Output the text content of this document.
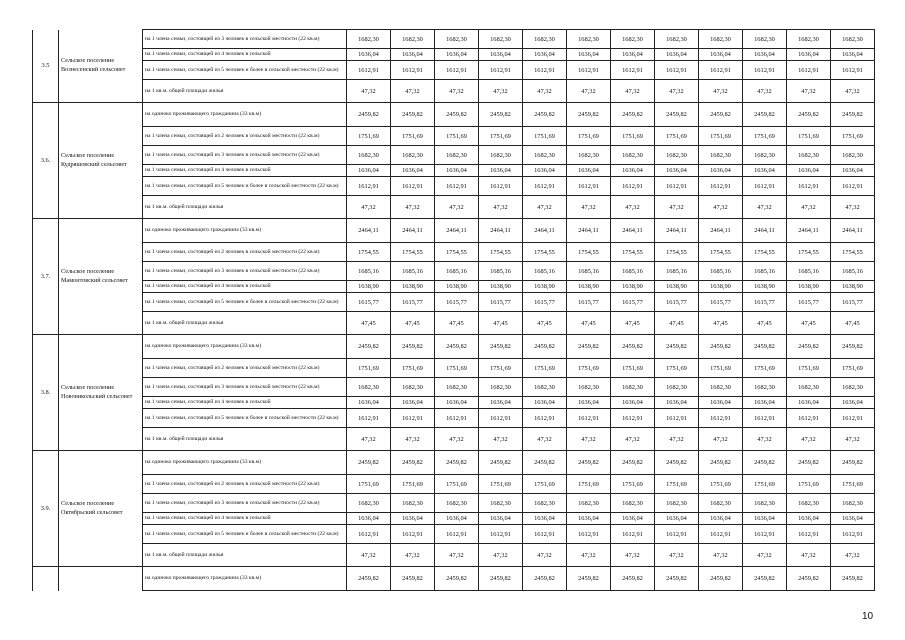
3.5	Сельское поселение Вознесенский сельсовет	на 1 члена семьи, состоящей из 3 человек в сельской местности (22 кв.м)	1682,30	1682,30	1682,30	1682,30	1682,30	1682,30	1682,30	1682,30	1682,30	1682,30	1682,30	1682,30
		на 1 члена семьи, состоящей из 4 человек в сельской	1636,04	1636,04	1636,04	1636,04	1636,04	1636,04	1636,04	1636,04	1636,04	1636,04	1636,04	1636,04
		на 1 члена семьи, состоящей из 5 человек и более в сельской местности (22 кв.м)	1612,91	1612,91	1612,91	1612,91	1612,91	1612,91	1612,91	1612,91	1612,91	1612,91	1612,91	1612,91
		на 1 кв.м. общей площади жилья	47,32	47,32	47,32	47,32	47,32	47,32	47,32	47,32	47,32	47,32	47,32	47,32
3.6.	Сельское поселение Кудряшовский сельсовет	на одиноко проживающего гражданина (33 кв.м)	2459,82	2459,82	2459,82	2459,82	2459,82	2459,82	2459,82	2459,82	2459,82	2459,82	2459,82	2459,82
		на 1 члена семьи, состоящей из 2 человек в сельской местности (22 кв.м)	1751,69	1751,69	1751,69	1751,69	1751,69	1751,69	1751,69	1751,69	1751,69	1751,69	1751,69	1751,69
		на 1 члена семьи, состоящей из 3 человек в сельской местности (22 кв.м)	1682,30	1682,30	1682,30	1682,30	1682,30	1682,30	1682,30	1682,30	1682,30	1682,30	1682,30	1682,30
		на 1 члена семьи, состоящей из 4 человек в сельской	1636,04	1636,04	1636,04	1636,04	1636,04	1636,04	1636,04	1636,04	1636,04	1636,04	1636,04	1636,04
		на 1 члена семьи, состоящей из 5 человек и более в сельской местности (22 кв.м)	1612,91	1612,91	1612,91	1612,91	1612,91	1612,91	1612,91	1612,91	1612,91	1612,91	1612,91	1612,91
		на 1 кв.м. общей площади жилья	47,32	47,32	47,32	47,32	47,32	47,32	47,32	47,32	47,32	47,32	47,32	47,32
3.7.	Сельское поселение Мамонтовский сельсовет	на одиноко проживающего гражданина (33 кв.м)	2464,11	2464,11	2464,11	2464,11	2464,11	2464,11	2464,11	2464,11	2464,11	2464,11	2464,11	2464,11
		на 1 члена семьи, состоящей из 2 человек в сельской местности (22 кв.м)	1754,55	1754,55	1754,55	1754,55	1754,55	1754,55	1754,55	1754,55	1754,55	1754,55	1754,55	1754,55
		на 1 члена семьи, состоящей из 3 человек в сельской местности (22 кв.м)	1685,16	1685,16	1685,16	1685,16	1685,16	1685,16	1685,16	1685,16	1685,16	1685,16	1685,16	1685,16
		на 1 члена семьи, состоящей из 4 человек в сельской	1638,90	1638,90	1638,90	1638,90	1638,90	1638,90	1638,90	1638,90	1638,90	1638,90	1638,90	1638,90
		на 1 члена семьи, состоящей из 5 человек и более в сельской местности (22 кв.м)	1615,77	1615,77	1615,77	1615,77	1615,77	1615,77	1615,77	1615,77	1615,77	1615,77	1615,77	1615,77
		на 1 кв.м. общей площади жилья	47,45	47,45	47,45	47,45	47,45	47,45	47,45	47,45	47,45	47,45	47,45	47,45
3.8.	Сельское поселение Новоникольский сельсовет	на одиноко проживающего гражданина (33 кв.м)	2459,82	2459,82	2459,82	2459,82	2459,82	2459,82	2459,82	2459,82	2459,82	2459,82	2459,82	2459,82
		на 1 члена семьи, состоящей из 2 человек в сельской местности (22 кв.м)	1751,69	1751,69	1751,69	1751,69	1751,69	1751,69	1751,69	1751,69	1751,69	1751,69	1751,69	1751,69
		на 1 члена семьи, состоящей из 3 человек в сельской местности (22 кв.м)	1682,30	1682,30	1682,30	1682,30	1682,30	1682,30	1682,30	1682,30	1682,30	1682,30	1682,30	1682,30
		на 1 члена семьи, состоящей из 4 человек в сельской	1636,04	1636,04	1636,04	1636,04	1636,04	1636,04	1636,04	1636,04	1636,04	1636,04	1636,04	1636,04
		на 1 члена семьи, состоящей из 5 человек и более в сельской местности (22 кв.м)	1612,91	1612,91	1612,91	1612,91	1612,91	1612,91	1612,91	1612,91	1612,91	1612,91	1612,91	1612,91
		на 1 кв.м. общей площади жилья	47,32	47,32	47,32	47,32	47,32	47,32	47,32	47,32	47,32	47,32	47,32	47,32
3.9.	Сельское поселение Октябрьский сельсовет	на одиноко проживающего гражданина (33 кв.м)	2459,82	2459,82	2459,82	2459,82	2459,82	2459,82	2459,82	2459,82	2459,82	2459,82	2459,82	2459,82
		на 1 члена семьи, состоящей из 2 человек в сельской местности (22 кв.м)	1751,69	1751,69	1751,69	1751,69	1751,69	1751,69	1751,69	1751,69	1751,69	1751,69	1751,69	1751,69
		на 1 члена семьи, состоящей из 3 человек в сельской местности (22 кв.м)	1682,30	1682,30	1682,30	1682,30	1682,30	1682,30	1682,30	1682,30	1682,30	1682,30	1682,30	1682,30
		на 1 члена семьи, состоящей из 4 человек в сельской	1636,04	1636,04	1636,04	1636,04	1636,04	1636,04	1636,04	1636,04	1636,04	1636,04	1636,04	1636,04
		на 1 члена семьи, состоящей из 5 человек и более в сельской местности (22 кв.м)	1612,91	1612,91	1612,91	1612,91	1612,91	1612,91	1612,91	1612,91	1612,91	1612,91	1612,91	1612,91
		на 1 кв.м. общей площади жилья	47,32	47,32	47,32	47,32	47,32	47,32	47,32	47,32	47,32	47,32	47,32	47,32
		на одиноко проживающего гражданина (33 кв.м)	2459,82	2459,82	2459,82	2459,82	2459,82	2459,82	2459,82	2459,82	2459,82	2459,82	2459,82	2459,82
10
